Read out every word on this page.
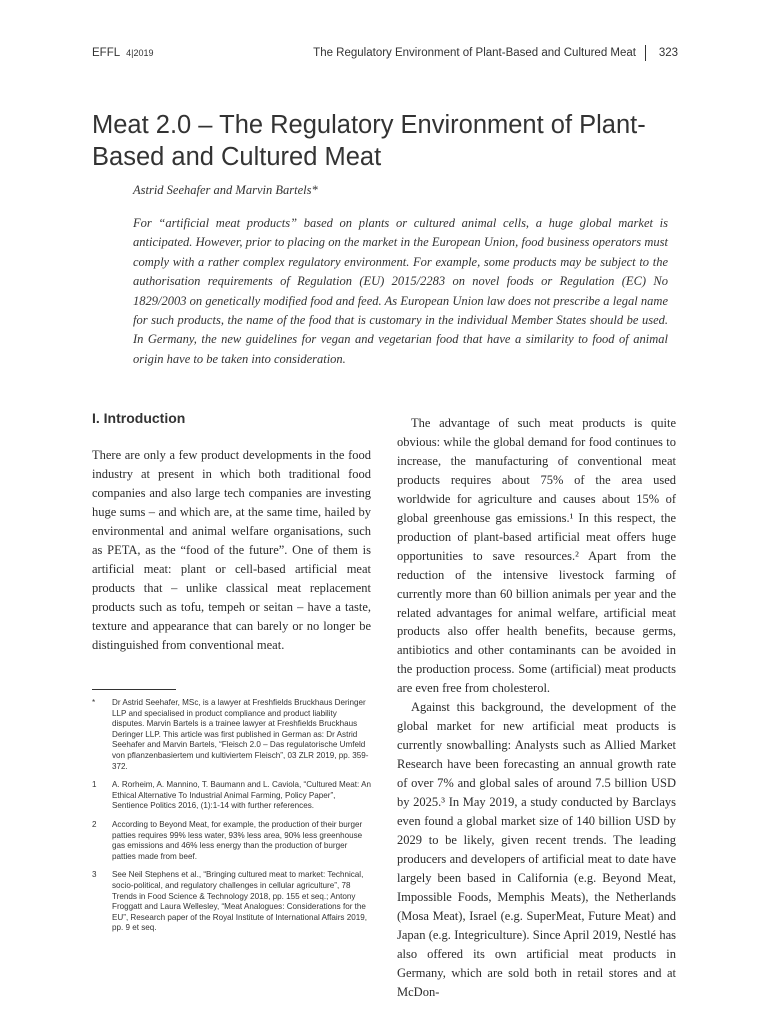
EFFL 4|2019	The Regulatory Environment of Plant-Based and Cultured Meat 323
Meat 2.0 – The Regulatory Environment of Plant-Based and Cultured Meat
Astrid Seehafer and Marvin Bartels*

For “artificial meat products” based on plants or cultured animal cells, a huge global market is anticipated. However, prior to placing on the market in the European Union, food business operators must comply with a rather complex regulatory environment. For example, some products may be subject to the authorisation requirements of Regulation (EU) 2015/2283 on novel foods or Regulation (EC) No 1829/2003 on genetically modified food and feed. As European Union law does not prescribe a legal name for such products, the name of the food that is customary in the individual Member States should be used. In Germany, the new guidelines for vegan and vegetarian food that have a similarity to food of animal origin have to be taken into consideration.

I. Introduction

There are only a few product developments in the food industry at present in which both traditional food companies and also large tech companies are investing huge sums – and which are, at the same time, hailed by environmental and animal welfare organisations, such as PETA, as the “food of the future”. One of them is artificial meat: plant or cell-based artificial meat products that – unlike classical meat replacement products such as tofu, tempeh or seitan – have a taste, texture and appearance that can barely or no longer be distinguished from conventional meat.

The advantage of such meat products is quite obvious: while the global demand for food continues to increase, the manufacturing of conventional meat products requires about 75% of the area used worldwide for agriculture and causes about 15% of global greenhouse gas emissions.¹ In this respect, the production of plant-based artificial meat offers huge opportunities to save resources.² Apart from the reduction of the intensive livestock farming of currently more than 60 billion animals per year and the related advantages for animal welfare, artificial meat products also offer health benefits, because germs, antibiotics and other contaminants can be avoided in the production process. Some (artificial) meat products are even free from cholesterol.

Against this background, the development of the global market for new artificial meat products is currently snowballing: Analysts such as Allied Market Research have been forecasting an annual growth rate of over 7% and global sales of around 7.5 billion USD by 2025.³ In May 2019, a study conducted by Barclays even found a global market size of 140 billion USD by 2029 to be likely, given recent trends. The leading producers and developers of artificial meat to date have largely been based in California (e.g. Beyond Meat, Impossible Foods, Memphis Meats), the Netherlands (Mosa Meat), Israel (e.g. SuperMeat, Future Meat) and Japan (e.g. Integriculture). Since April 2019, Nestlé has also offered its own artificial meat products in Germany, which are sold both in retail stores and at McDon-

* Dr Astrid Seehafer, MSc, is a lawyer at Freshfields Bruckhaus Deringer LLP and specialised in product compliance and product liability disputes. Marvin Bartels is a trainee lawyer at Freshfields Bruckhaus Deringer LLP. This article was first published in German as: Dr Astrid Seehafer and Marvin Bartels, “Fleisch 2.0 – Das regulatorische Umfeld von pflanzenbasiertem und kultiviertem Fleisch”, 03 ZLR 2019, pp. 359-372.
1 A. Rorheim, A. Mannino, T. Baumann and L. Caviola, “Cultured Meat: An Ethical Alternative To Industrial Animal Farming, Policy Paper”, Sentience Politics 2016, (1):1-14 with further references.
2 According to Beyond Meat, for example, the production of their burger patties requires 99% less water, 93% less area, 90% less greenhouse gas emissions and 46% less energy than the production of burger patties made from beef.
3 See Neil Stephens et al., “Bringing cultured meat to market: Technical, socio-political, and regulatory challenges in cellular agriculture”, 78 Trends in Food Science & Technology 2018, pp. 155 et seq.; Antony Froggatt and Laura Wellesley, “Meat Analogues: Considerations for the EU”, Research paper of the Royal Institute of International Affairs 2019, pp. 9 et seq.
